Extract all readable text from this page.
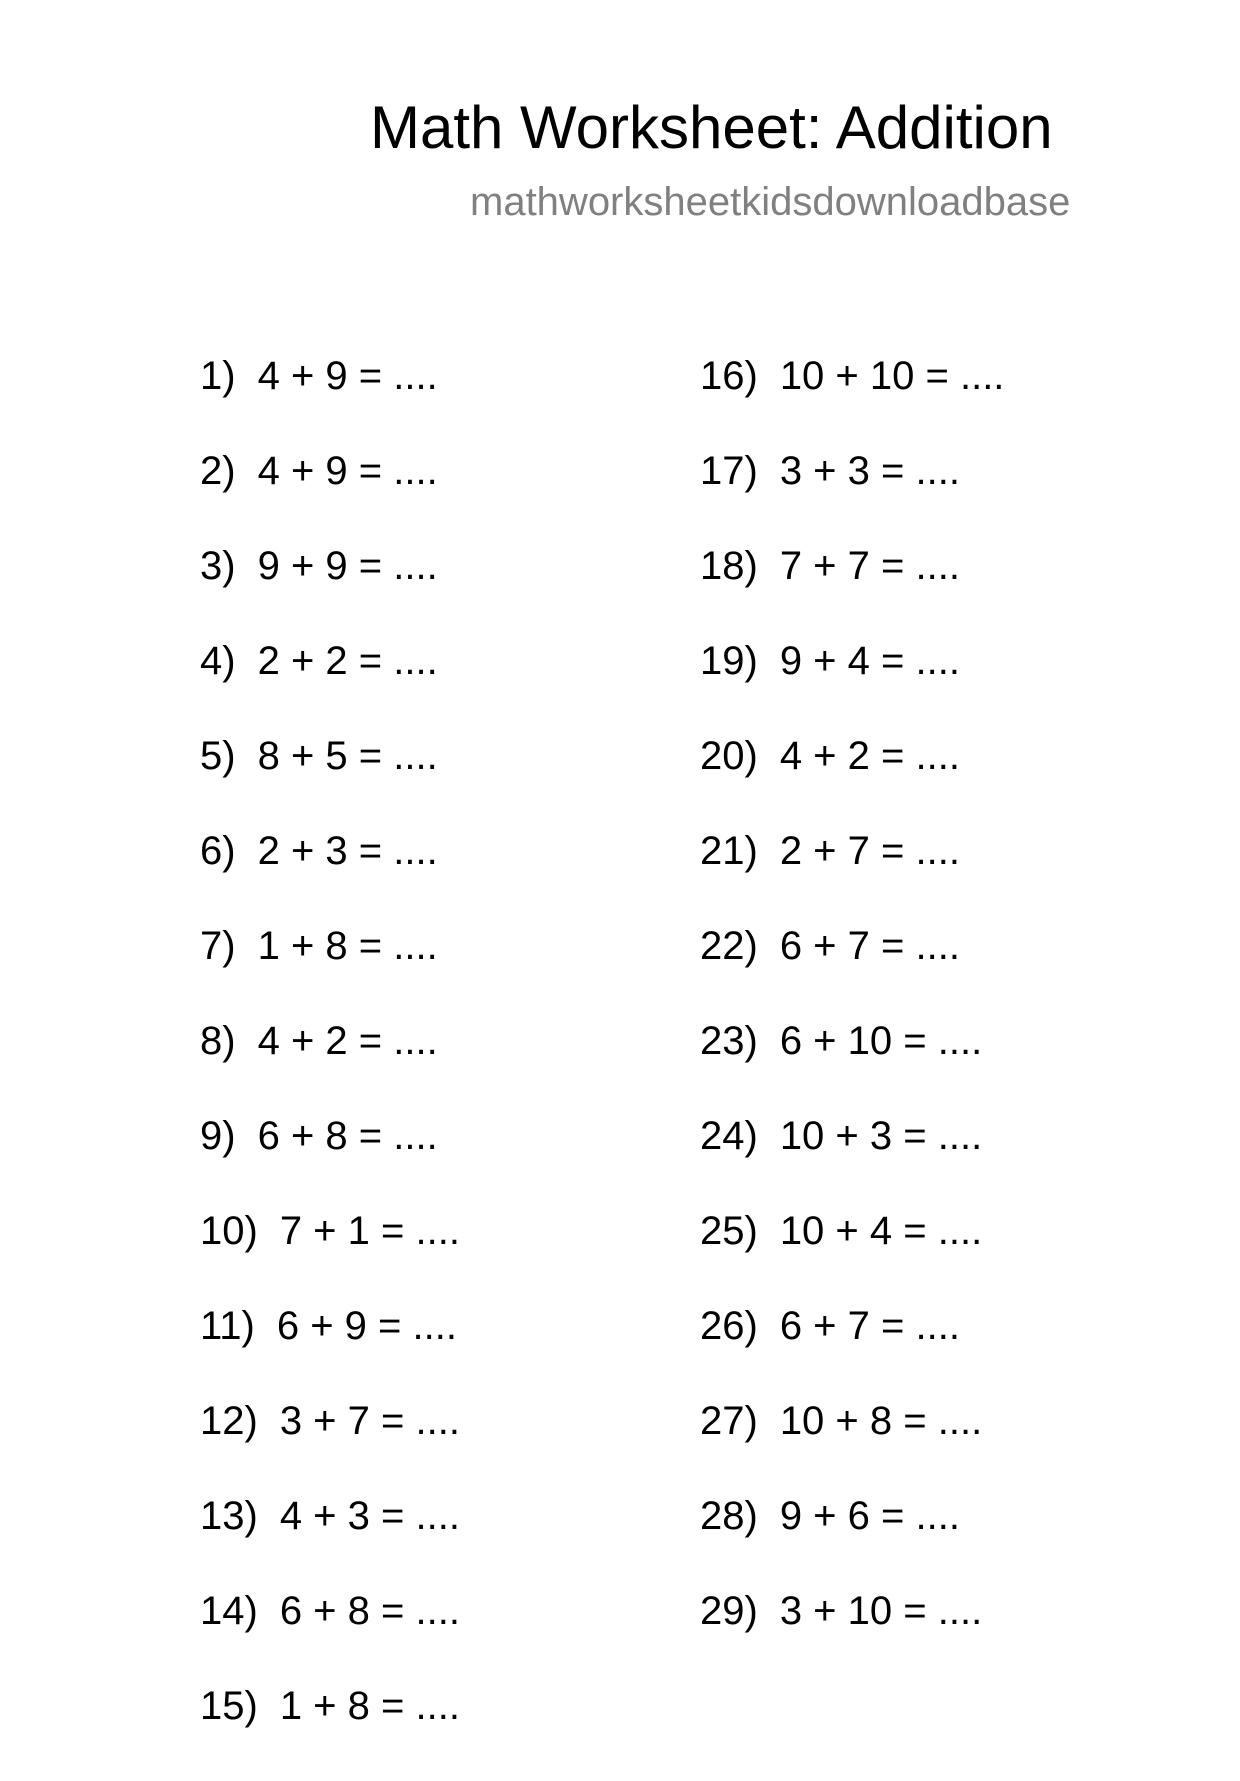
Math Worksheet: Addition
mathworksheetkidsdownloadbase
1) 4 + 9 = ....
2) 4 + 9 = ....
3) 9 + 9 = ....
4) 2 + 2 = ....
5) 8 + 5 = ....
6) 2 + 3 = ....
7) 1 + 8 = ....
8) 4 + 2 = ....
9) 6 + 8 = ....
10) 7 + 1 = ....
11) 6 + 9 = ....
12) 3 + 7 = ....
13) 4 + 3 = ....
14) 6 + 8 = ....
15) 1 + 8 = ....
16) 10 + 10 = ....
17) 3 + 3 = ....
18) 7 + 7 = ....
19) 9 + 4 = ....
20) 4 + 2 = ....
21) 2 + 7 = ....
22) 6 + 7 = ....
23) 6 + 10 = ....
24) 10 + 3 = ....
25) 10 + 4 = ....
26) 6 + 7 = ....
27) 10 + 8 = ....
28) 9 + 6 = ....
29) 3 + 10 = ....
